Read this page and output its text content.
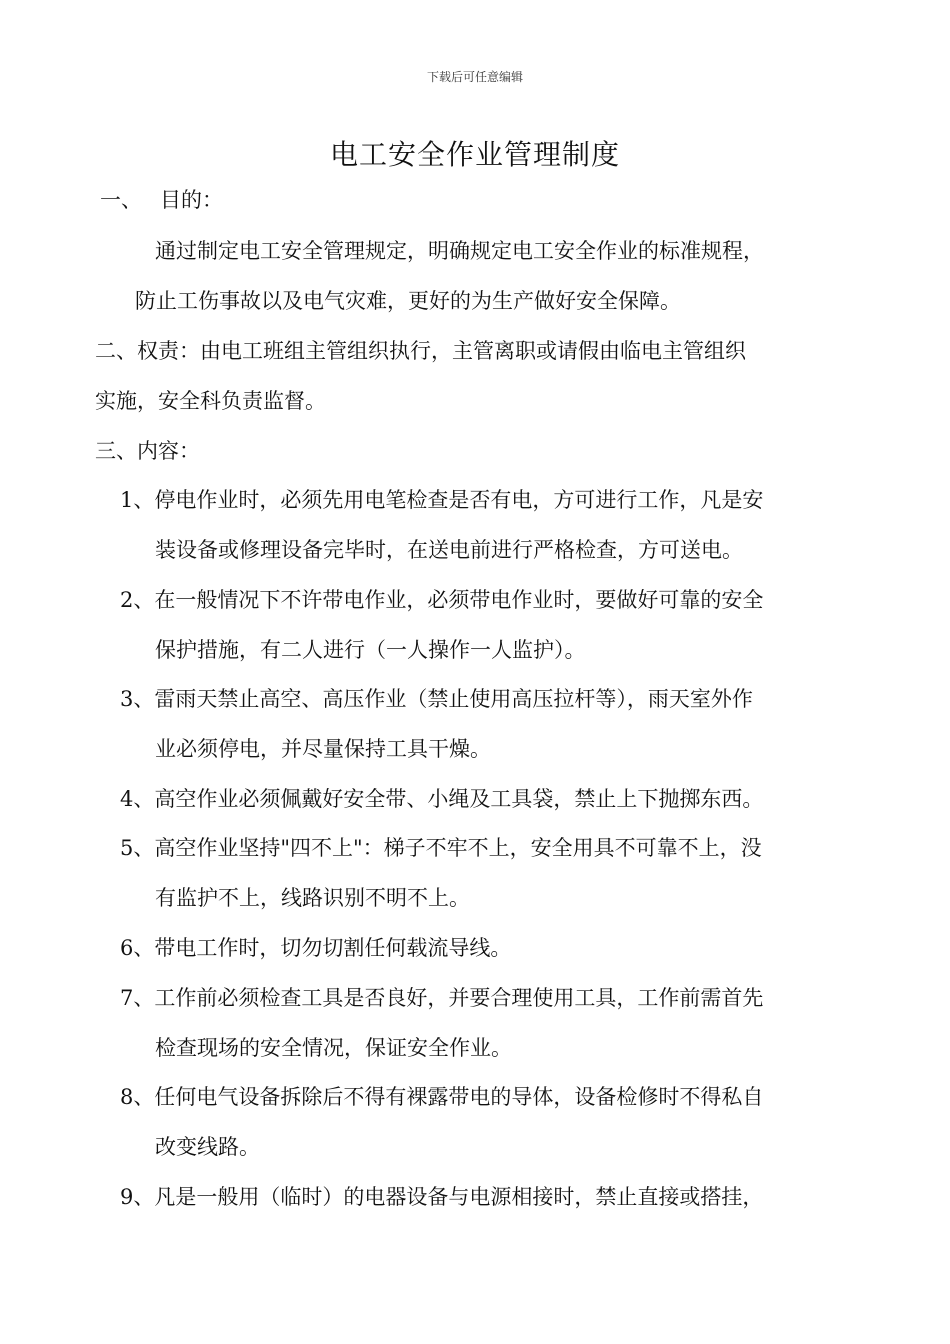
下载后可任意编辑
电工安全作业管理制度
一、 目的：
通过制定电工安全管理规定，明确规定电工安全作业的标准规程，
防止工伤事故以及电气灾难，更好的为生产做好安全保障。
二、权责：由电工班组主管组织执行，主管离职或请假由临电主管组织
实施，安全科负责监督。
三、内容：
1、停电作业时，必须先用电笔检查是否有电，方可进行工作，凡是安
装设备或修理设备完毕时，在送电前进行严格检查，方可送电。
2、在一般情况下不许带电作业，必须带电作业时，要做好可靠的安全
保护措施，有二人进行（一人操作一人监护）。
3、雷雨天禁止高空、高压作业（禁止使用高压拉杆等），雨天室外作
业必须停电，并尽量保持工具干燥。
4、高空作业必须佩戴好安全带、小绳及工具袋，禁止上下抛掷东西。
5、高空作业坚持"四不上"：梯子不牢不上，安全用具不可靠不上，没
有监护不上，线路识别不明不上。
6、带电工作时，切勿切割任何载流导线。
7、工作前必须检查工具是否良好，并要合理使用工具，工作前需首先
检查现场的安全情况，保证安全作业。
8、任何电气设备拆除后不得有裸露带电的导体，设备检修时不得私自
改变线路。
9、凡是一般用（临时）的电器设备与电源相接时，禁止直接或搭挂，
